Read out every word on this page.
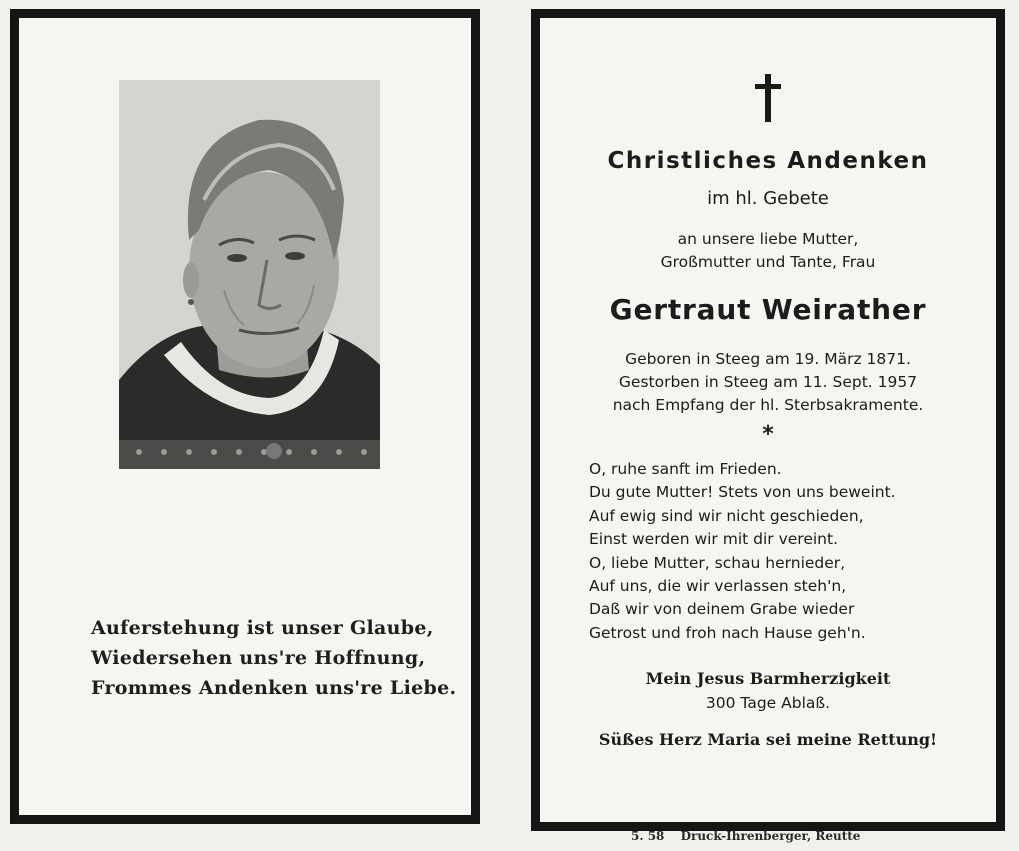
Auferstehung ist unser Glaube,
Wiedersehen uns're Hoffnung,
Frommes Andenken uns're Liebe.
Christliches Andenken
im hl. Gebete
an unsere liebe Mutter,
Großmutter und Tante, Frau
Gertraut Weirather
Geboren in Steeg am 19. März 1871.
Gestorben in Steeg am 11. Sept. 1957
nach Empfang der hl. Sterbsakramente.
*
O, ruhe sanft im Frieden.
Du gute Mutter! Stets von uns beweint.
Auf ewig sind wir nicht geschieden,
Einst werden wir mit dir vereint.
O, liebe Mutter, schau hernieder,
Auf uns, die wir verlassen steh'n,
Daß wir von deinem Grabe wieder
Getrost und froh nach Hause geh'n.
Mein Jesus Barmherzigkeit
300 Tage Ablaß.
Süßes Herz Maria sei meine Rettung!
5. 58 Druck-Ihrenberger, Reutte
